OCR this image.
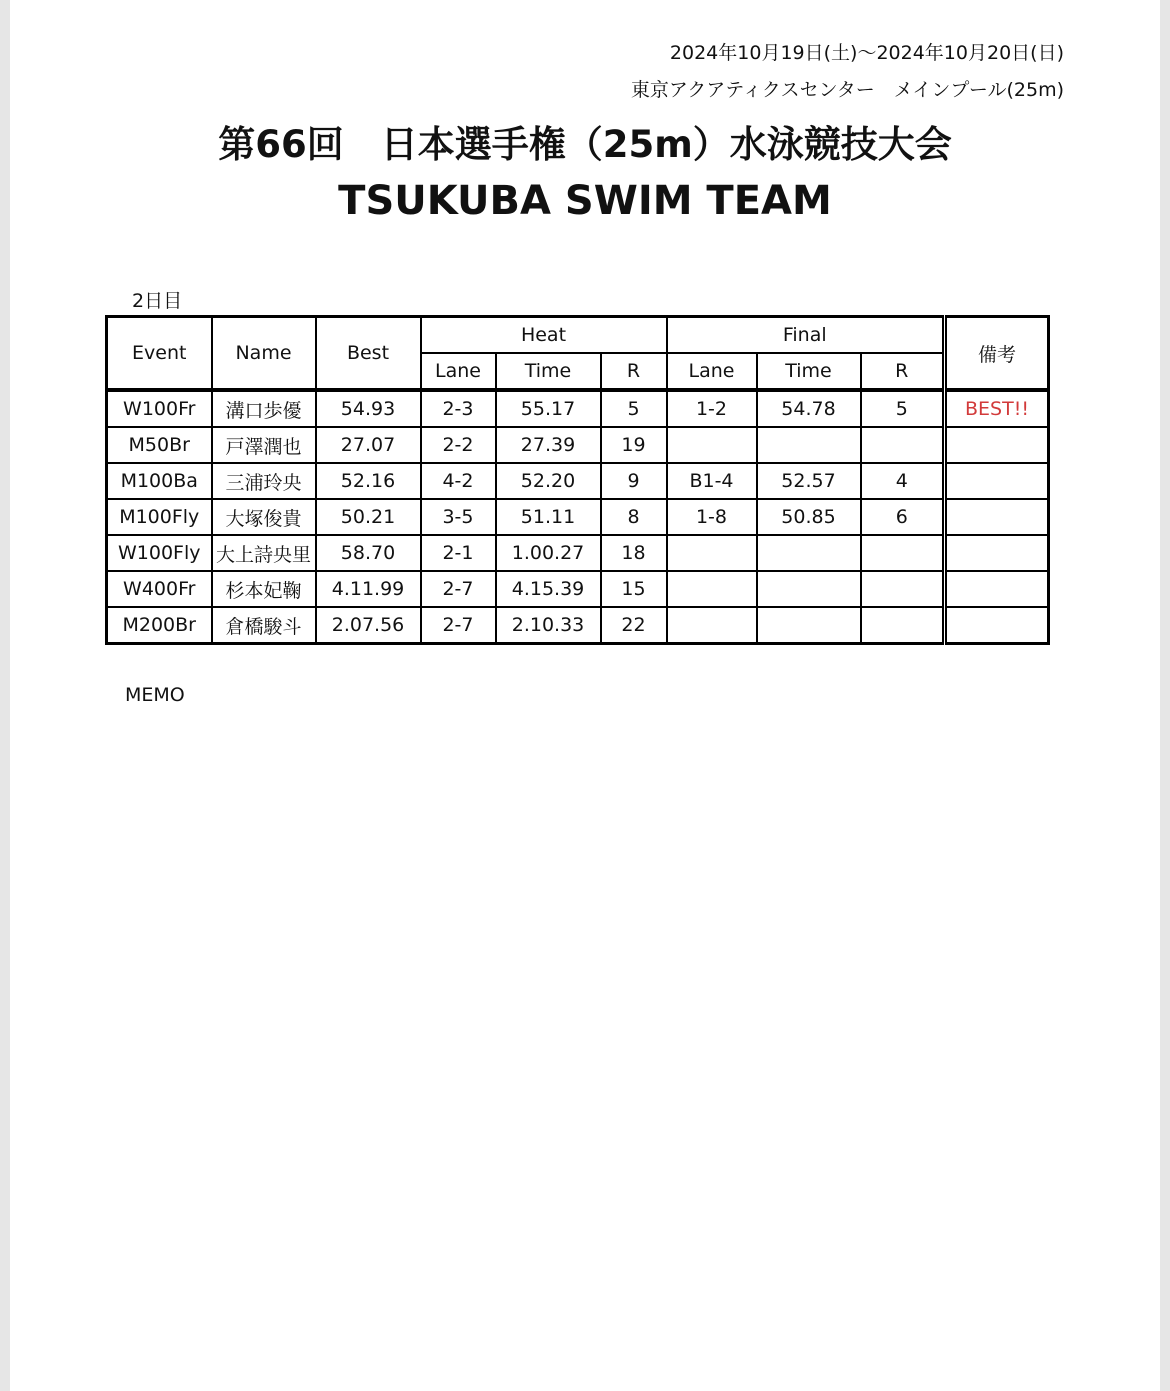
2024年10月19日(土)～2024年10月20日(日)
東京アクアティクスセンター　メインプール(25m)
第66回　日本選手権（25m）水泳競技大会
TSUKUBA SWIM TEAM
2日目
Event	Name	Best	Heat			Final			備考
			Lane	Time	R	Lane	Time	R	
W100Fr	溝口歩優	54.93	2-3	55.17	5	1-2	54.78	5	BEST!!
M50Br	戸澤潤也	27.07	2-2	27.39	19				
M100Ba	三浦玲央	52.16	4-2	52.20	9	B1-4	52.57	4	
M100Fly	大塚俊貴	50.21	3-5	51.11	8	1-8	50.85	6	
W100Fly	大上詩央里	58.70	2-1	1.00.27	18				
W400Fr	杉本妃鞠	4.11.99	2-7	4.15.39	15				
M200Br	倉橋駿斗	2.07.56	2-7	2.10.33	22				
MEMO
